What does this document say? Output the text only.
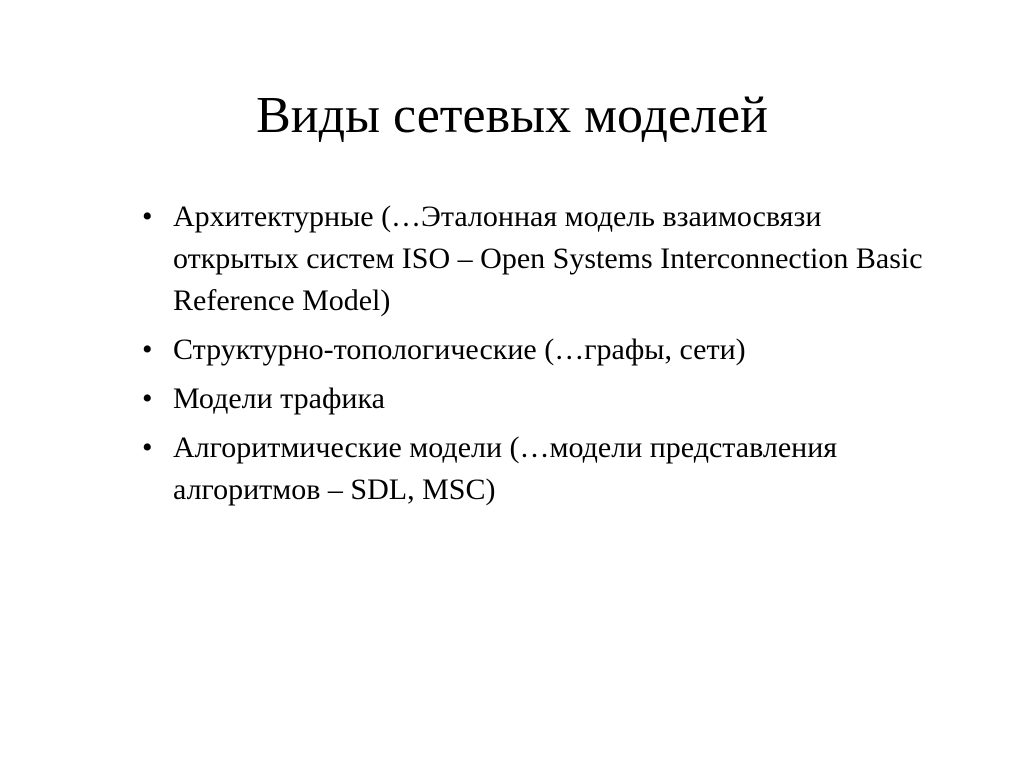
Виды сетевых моделей
• Архитектурные (…Эталонная модель взаимосвязи открытых систем ISO – Open Systems Interconnection Basic Reference Model)
• Структурно-топологические (…графы, сети)
• Модели трафика
• Алгоритмические модели (…модели представления алгоритмов – SDL, MSC)
